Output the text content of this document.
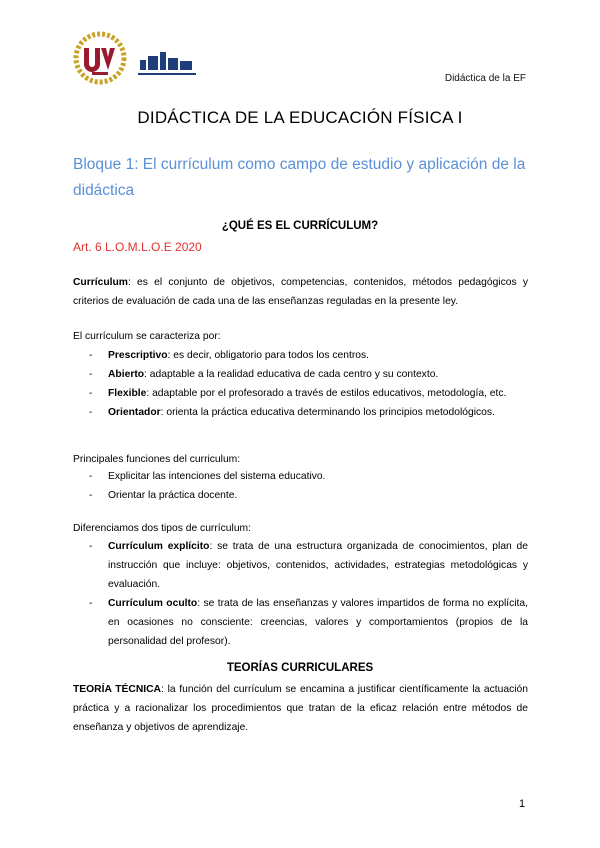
Didáctica de la EF
DIDÁCTICA DE LA EDUCACIÓN FÍSICA I
Bloque 1: El currículum como campo de estudio y aplicación de la didáctica
¿QUÉ ES EL CURRÍCULUM?
Art. 6 L.O.M.L.O.E 2020
Currículum: es el conjunto de objetivos, competencias, contenidos, métodos pedagógicos y criterios de evaluación de cada una de las enseñanzas reguladas en la presente ley.
El currículum se caracteriza por:
- Prescriptivo: es decir, obligatorio para todos los centros.
- Abierto: adaptable a la realidad educativa de cada centro y su contexto.
- Flexible: adaptable por el profesorado a través de estilos educativos, metodología, etc.
- Orientador: orienta la práctica educativa determinando los principios metodológicos.
Principales funciones del curriculum:
- Explicitar las intenciones del sistema educativo.
- Orientar la práctica docente.
Diferenciamos dos tipos de currículum:
- Currículum explícito: se trata de una estructura organizada de conocimientos, plan de instrucción que incluye: objetivos, contenidos, actividades, estrategias metodológicas y evaluación.
- Currículum oculto: se trata de las enseñanzas y valores impartidos de forma no explícita, en ocasiones no consciente: creencias, valores y comportamientos (propios de la personalidad del profesor).
TEORÍAS CURRICULARES
TEORÍA TÉCNICA: la función del currículum se encamina a justificar científicamente la actuación práctica y a racionalizar los procedimientos que tratan de la eficaz relación entre métodos de enseñanza y objetivos de aprendizaje.
1
